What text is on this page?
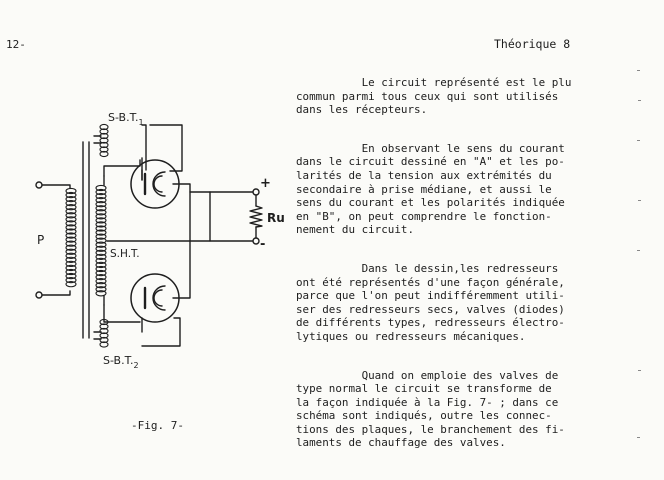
12-	Théorique 8
$S-B.T._1$
$S-B.T._2$
S.H.T.
P
Ru
+
-
Le circuit représenté est le plu
commun parmi tous ceux qui sont utilisés
dans les récepteurs.
En observant le sens du courant
dans le circuit dessiné en "A" et les po-
larités de la tension aux extrémités du
secondaire à prise médiane, et aussi le
sens du courant et les polarités indiquée
en "B", on peut comprendre le fonction-
nement du circuit.
Dans le dessin,les redresseurs
ont été représentés d'une façon générale,
parce que l'on peut indifféremment utili-
ser des redresseurs secs, valves (diodes)
de différents types, redresseurs électro-
lytiques ou redresseurs mécaniques.
Quand on emploie des valves de
type normal le circuit se transforme de
la façon indiquée à la Fig. 7- ; dans ce
schéma sont indiqués, outre les connec-
tions des plaques, le branchement des fi-
laments de chauffage des valves.
-Fig. 7-
